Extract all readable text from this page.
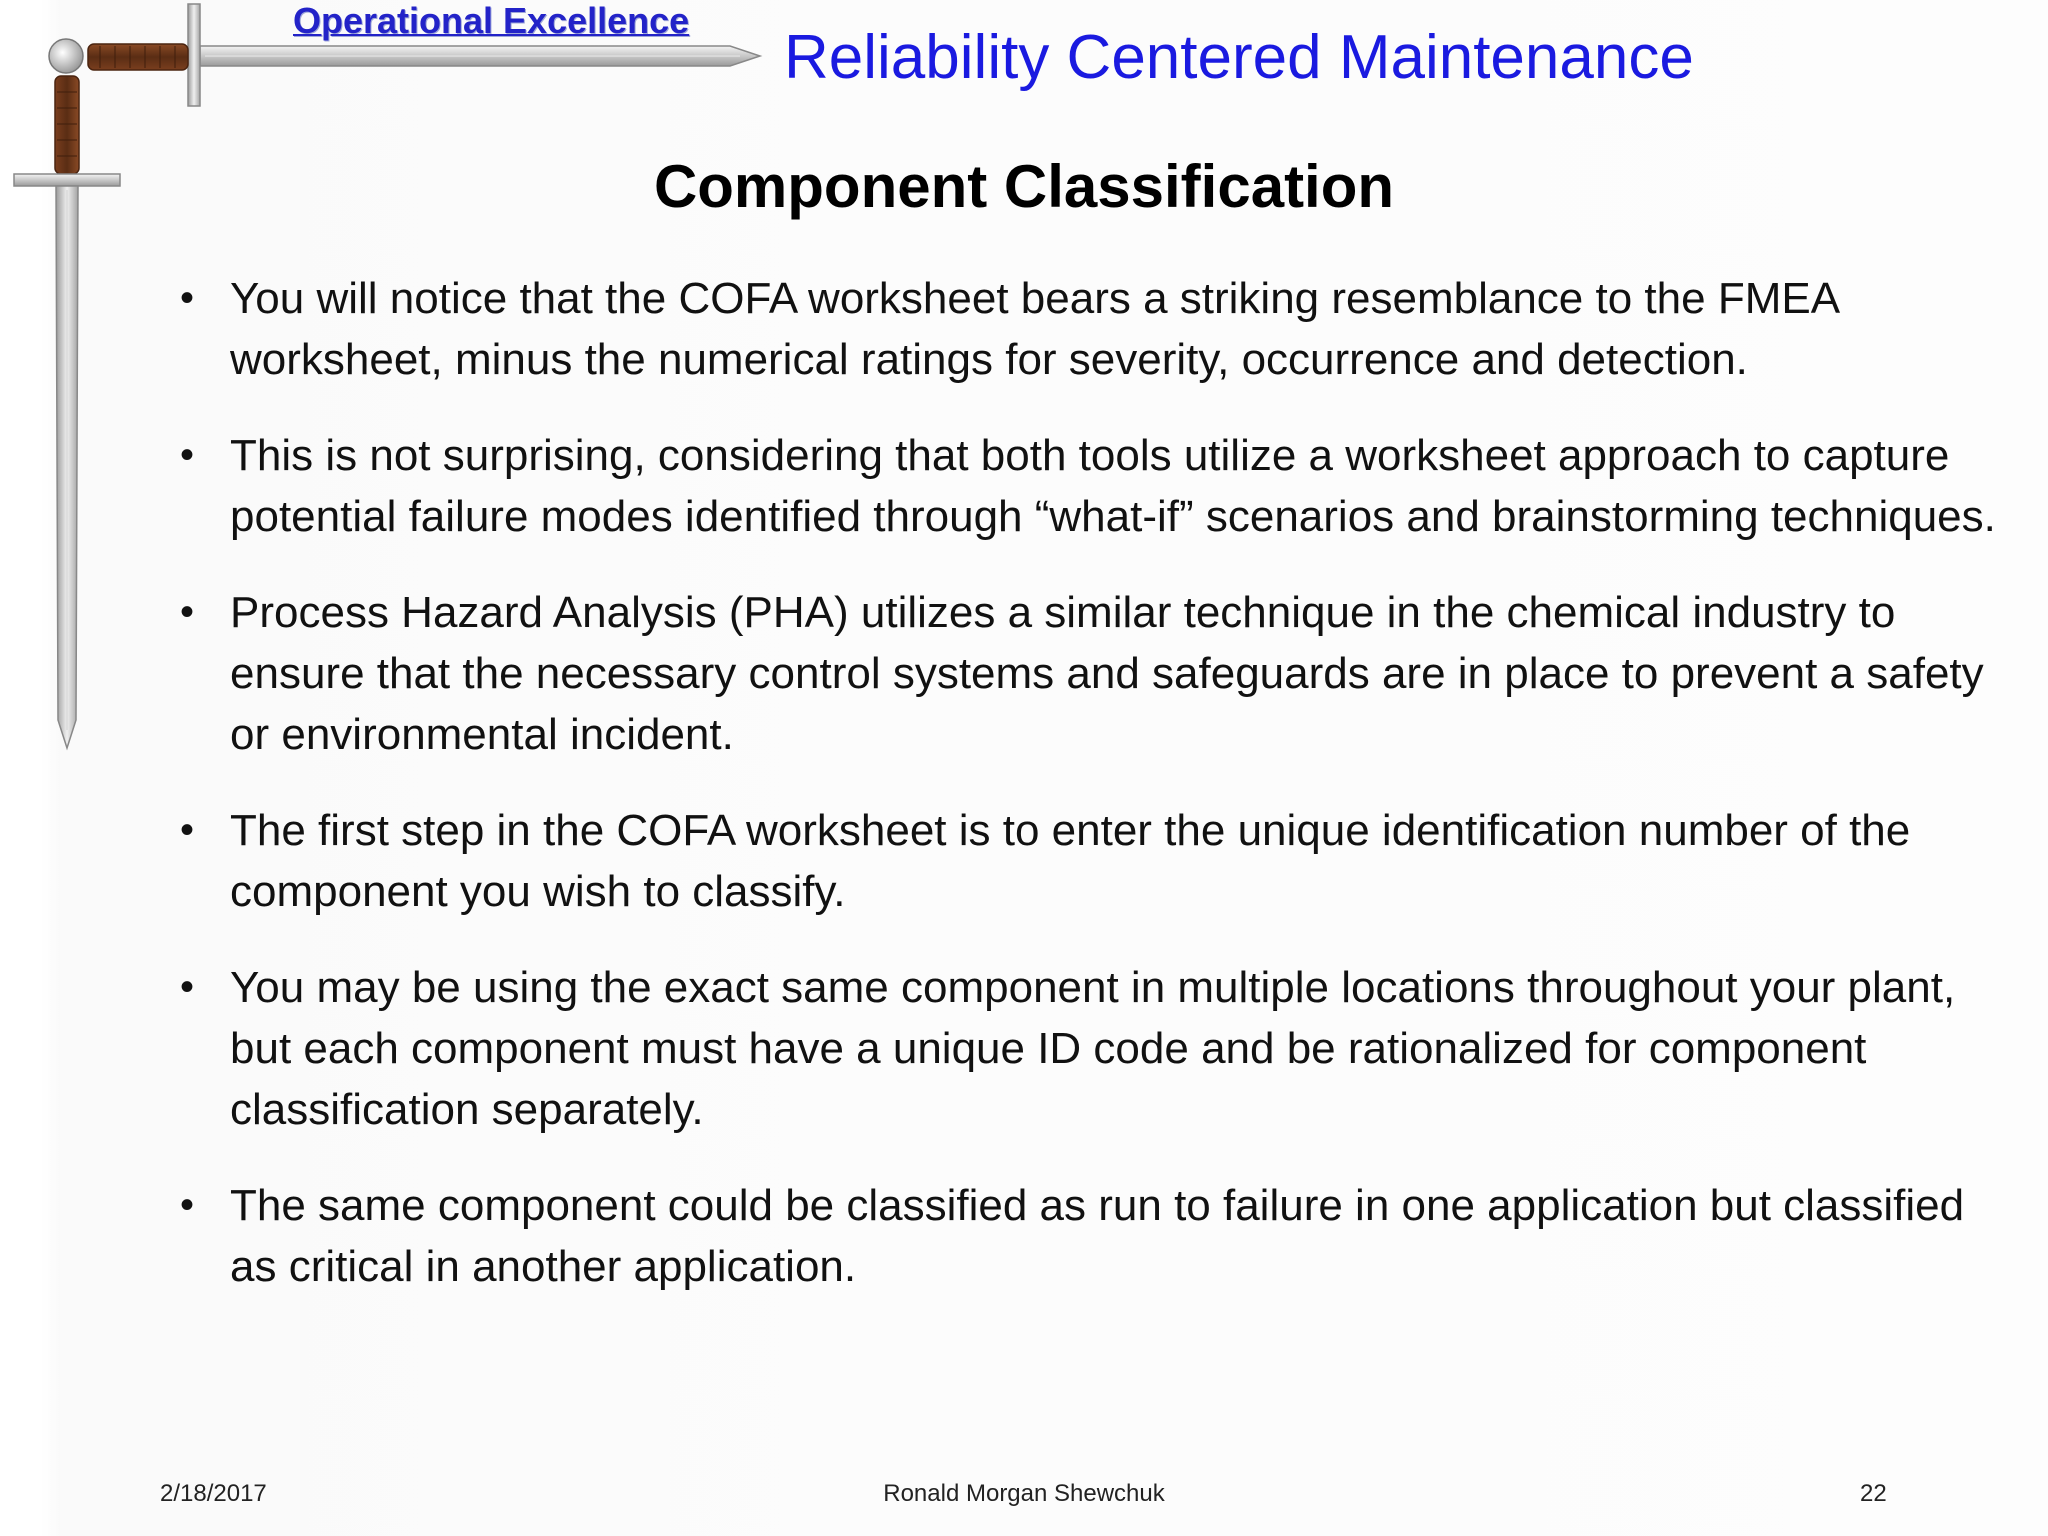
Operational Excellence
Reliability Centered Maintenance
Component Classification
• You will notice that the COFA worksheet bears a striking resemblance to the FMEA worksheet, minus the numerical ratings for severity, occurrence and detection.
• This is not surprising, considering that both tools utilize a worksheet approach to capture potential failure modes identified through “what-if” scenarios and brainstorming techniques.
• Process Hazard Analysis (PHA) utilizes a similar technique in the chemical industry to ensure that the necessary control systems and safeguards are in place to prevent a safety or environmental incident.
• The first step in the COFA worksheet is to enter the unique identification number of the component you wish to classify.
• You may be using the exact same component in multiple locations throughout your plant, but each component must have a unique ID code and be rationalized for component classification separately.
• The same component could be classified as run to failure in one application but classified as critical in another application.
2/18/2017	Ronald Morgan Shewchuk	22
